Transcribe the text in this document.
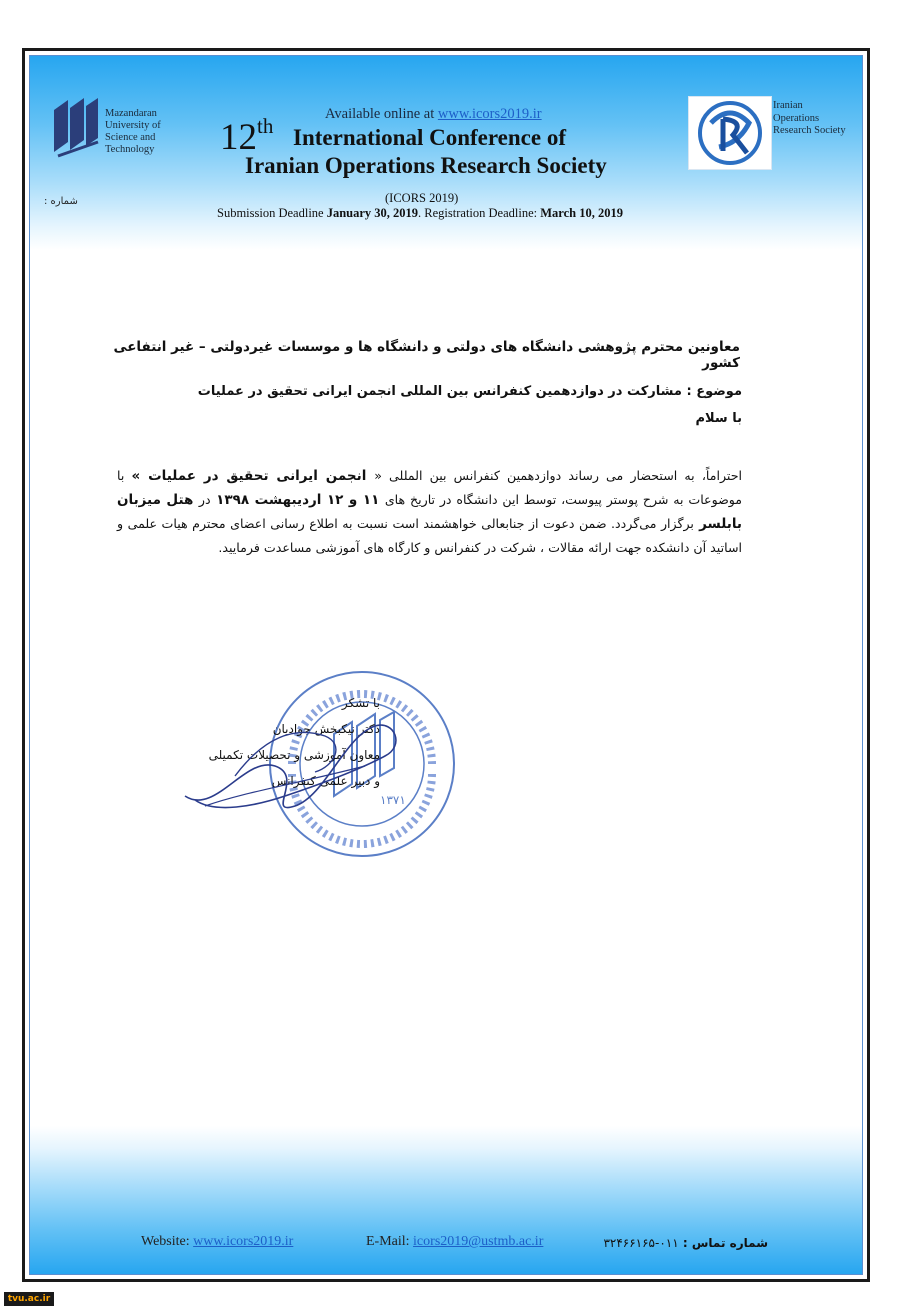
Mazandaran
University of
Science and
Technology
Available online at www.icors2019.ir
12th International Conference of
Iranian Operations Research Society
(ICORS 2019)
Submission Deadline January 30, 2019. Registration Deadline: March 10, 2019
Iranian
Operations
Research Society
شماره :
معاونین محترم پژوهشی دانشگاه های دولتی و دانشگاه ها و موسسات غیردولتی – غیر انتفاعی کشور
موضوع : مشارکت در دوازدهمین کنفرانس بین المللی انجمن ایرانی تحقیق در عملیات
با سلام
احتراماً، به استحضار می رساند دوازدهمین کنفرانس بین المللی « انجمن ایرانی تحقیق در عملیات » با موضوعات به شرح پوستر پیوست، توسط این دانشگاه در تاریخ های ۱۱ و ۱۲ اردیبهشت ۱۳۹۸ در هتل میزبان بابلسر برگزار می‌گردد. ضمن دعوت از جنابعالی خواهشمند است نسبت به اطلاع رسانی اعضای محترم هیات علمی و اساتید آن دانشکده جهت ارائه مقالات ، شرکت در کنفرانس و کارگاه های آموزشی مساعدت فرمایید.
۱۳۷۱
با تشکر
دکتر نیکبخش جوادیان
معاون آموزشی و تحصیلات تکمیلی
و دبیر علمی کنفرانس
Website: www.icors2019.ir	E-Mail: icors2019@ustmb.ac.ir	شماره تماس : ۰۱۱-۳۲۴۶۶۱۶۵
tvu.ac.ir
